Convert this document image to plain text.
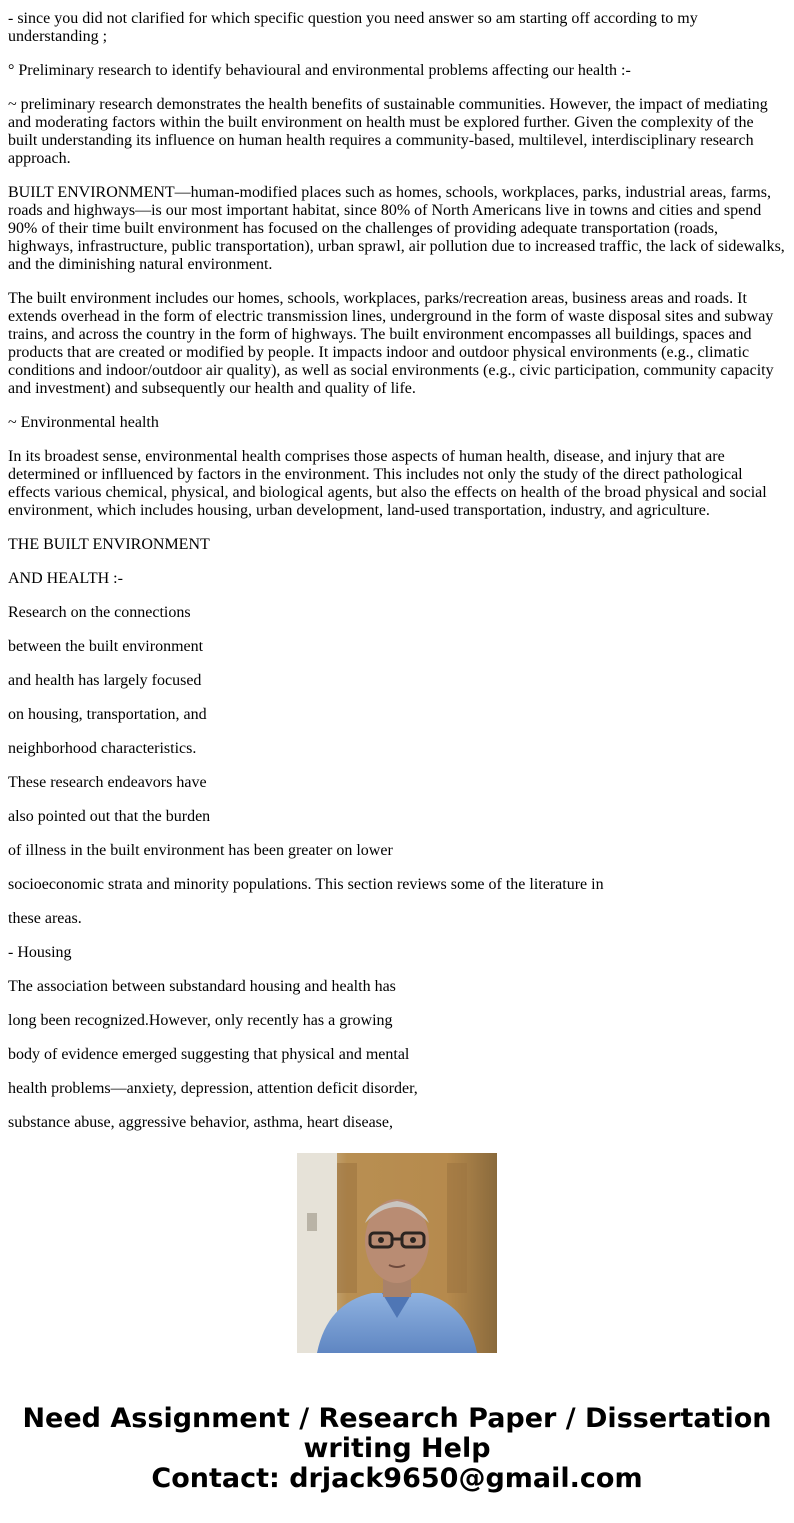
- since you did not clarified for which specific question you need answer so am starting off according to my understanding ;

° Preliminary research to identify behavioural and environmental problems affecting our health :-

~ preliminary research demonstrates the health benefits of sustainable communities. However, the impact of mediating and moderating factors within the built environment on health must be explored further. Given the complexity of the built understanding its influence on human health requires a community-based, multilevel, interdisciplinary research approach.

BUILT ENVIRONMENT—human-modified places such as homes, schools, workplaces, parks, industrial areas, farms, roads and highways—is our most important habitat, since 80% of North Americans live in towns and cities and spend 90% of their time built environment has focused on the challenges of providing adequate transportation (roads, highways, infrastructure, public transportation), urban sprawl, air pollution due to increased traffic, the lack of sidewalks, and the diminishing natural environment.

The built environment includes our homes, schools, workplaces, parks/recreation areas, business areas and roads. It extends overhead in the form of electric transmission lines, underground in the form of waste disposal sites and subway trains, and across the country in the form of highways. The built environment encompasses all buildings, spaces and products that are created or modified by people. It impacts indoor and outdoor physical environments (e.g., climatic conditions and indoor/outdoor air quality), as well as social environments (e.g., civic participation, community capacity and investment) and subsequently our health and quality of life.

~ Environmental health

In its broadest sense, environmental health comprises those aspects of human health, disease, and injury that are determined or inflluenced by factors in the environment. This includes not only the study of the direct pathological effects various chemical, physical, and biological agents, but also the effects on health of the broad physical and social environment, which includes housing, urban development, land-used transportation, industry, and agriculture.

THE BUILT ENVIRONMENT

AND HEALTH :-

Research on the connections

between the built environment

and health has largely focused

on housing, transportation, and

neighborhood characteristics.

These research endeavors have

also pointed out that the burden

of illness in the built environment has been greater on lower

socioeconomic strata and minority populations. This section reviews some of the literature in

these areas.

- Housing

The association between substandard housing and health has

long been recognized.However, only recently has a growing

body of evidence emerged suggesting that physical and mental

health problems—anxiety, depression, attention deficit disorder,

substance abuse, aggressive behavior, asthma, heart disease,

Need Assignment / Research Paper / Dissertation
writing Help
Contact: drjack9650@gmail.com
